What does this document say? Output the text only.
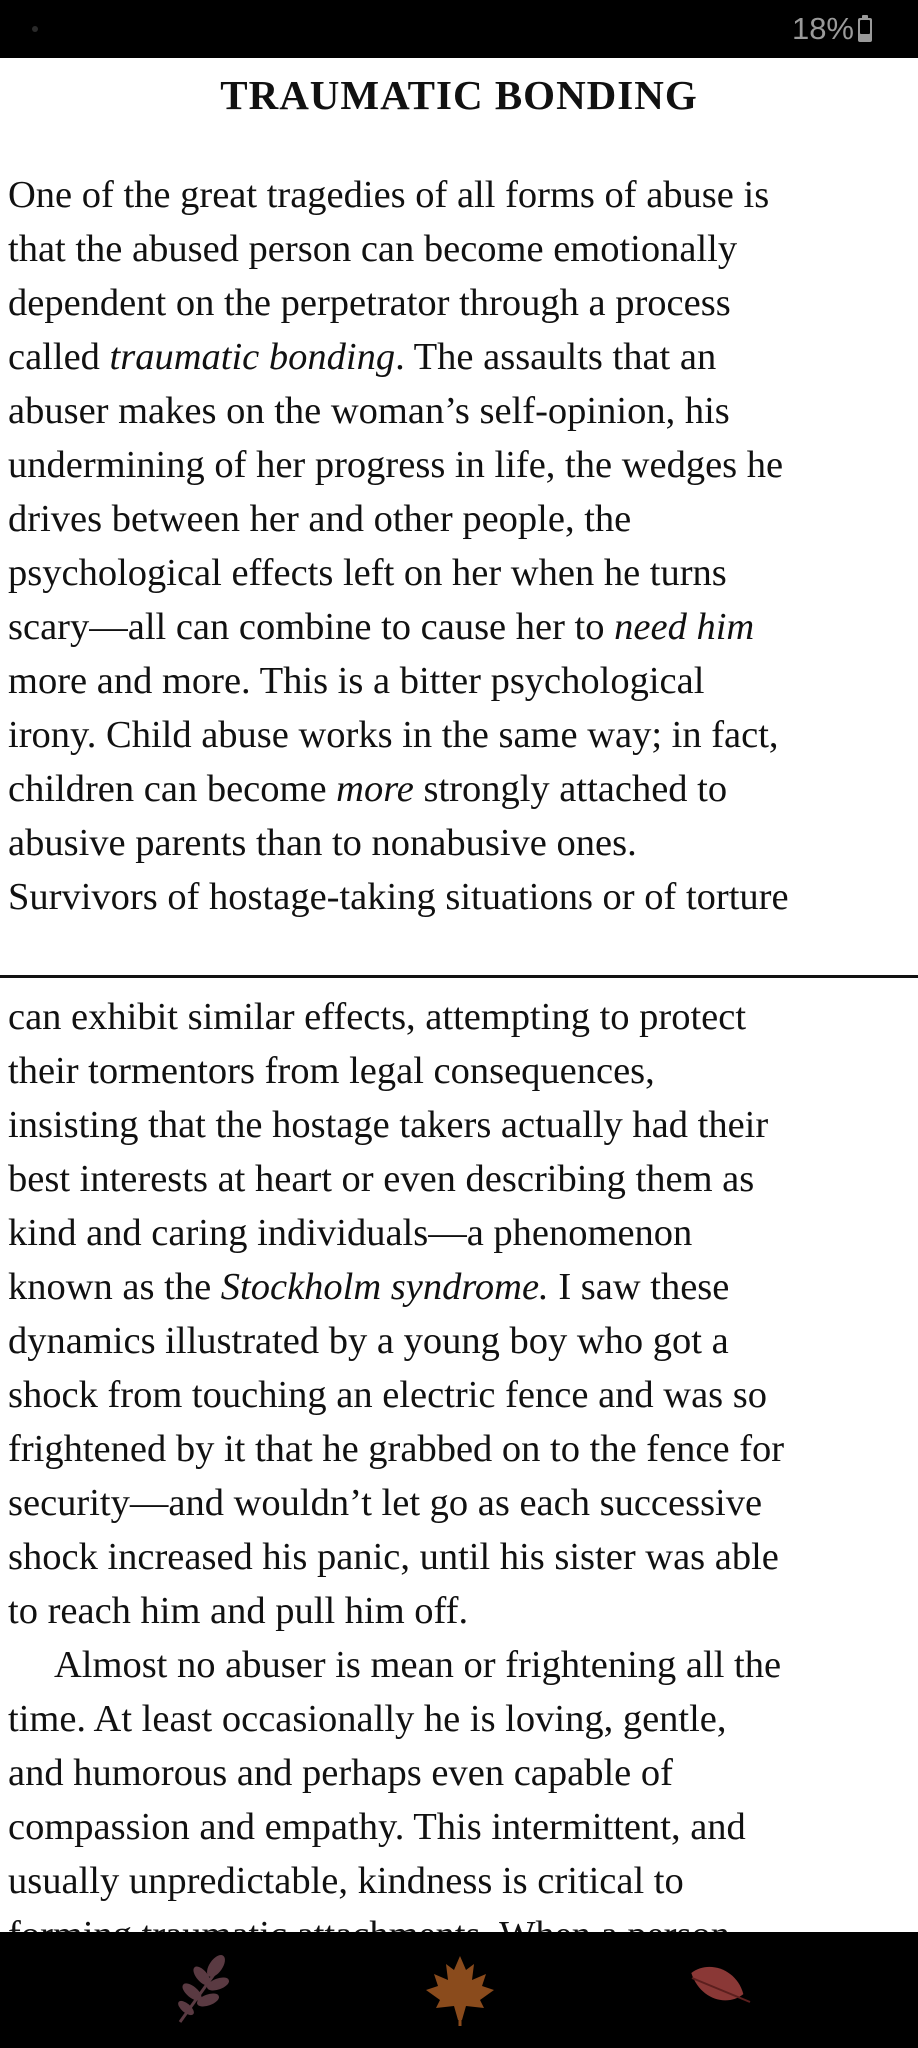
18%
TRAUMATIC BONDING
One of the great tragedies of all forms of abuse is
that the abused person can become emotionally
dependent on the perpetrator through a process
called traumatic bonding. The assaults that an
abuser makes on the woman’s self-opinion, his
undermining of her progress in life, the wedges he
drives between her and other people, the
psychological effects left on her when he turns
scary—all can combine to cause her to need him
more and more. This is a bitter psychological
irony. Child abuse works in the same way; in fact,
children can become more strongly attached to
abusive parents than to nonabusive ones.
Survivors of hostage-taking situations or of torture
can exhibit similar effects, attempting to protect
their tormentors from legal consequences,
insisting that the hostage takers actually had their
best interests at heart or even describing them as
kind and caring individuals—a phenomenon
known as the Stockholm syndrome. I saw these
dynamics illustrated by a young boy who got a
shock from touching an electric fence and was so
frightened by it that he grabbed on to the fence for
security—and wouldn’t let go as each successive
shock increased his panic, until his sister was able
to reach him and pull him off.
Almost no abuser is mean or frightening all the
time. At least occasionally he is loving, gentle,
and humorous and perhaps even capable of
compassion and empathy. This intermittent, and
usually unpredictable, kindness is critical to
